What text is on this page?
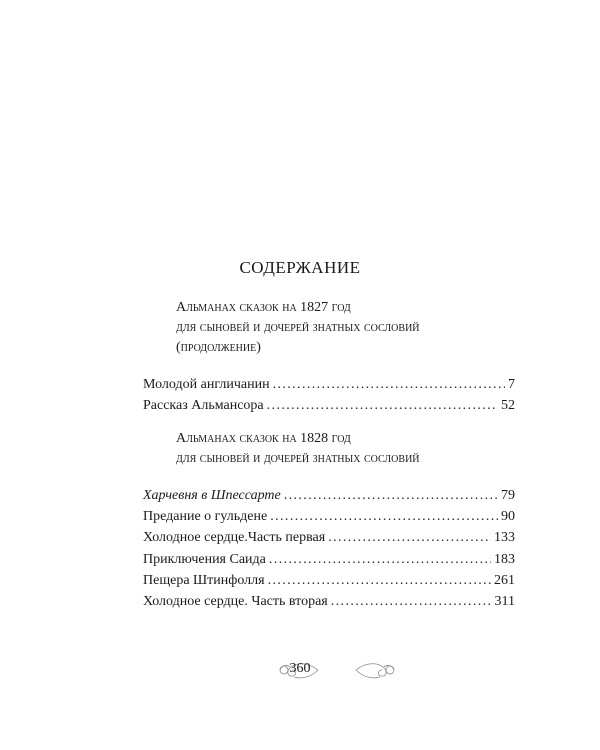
СОДЕРЖАНИЕ
Альманах сказок на 1827 год
для сыновей и дочерей знатных сословий
(продолжение)
Молодой англичанин .....	7
Рассказ Альмансора .....	52
Альманах сказок на 1828 год
для сыновей и дочерей знатных сословий
Харчевня в Шпессарте .....	79
Предание о гульдене .....	90
Холодное сердце.Часть первая .....	133
Приключения Саида .....	183
Пещера Штинфолля .....	261
Холодное сердце. Часть вторая .....	311
360
